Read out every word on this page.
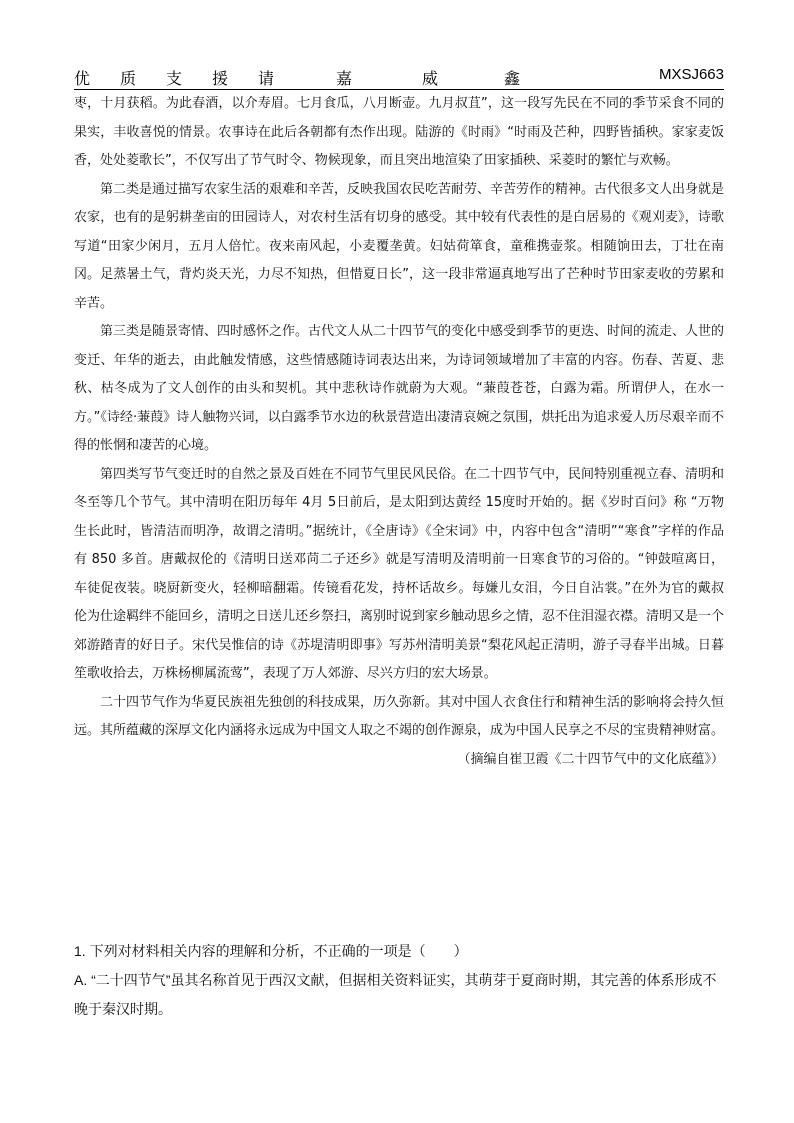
优 质 支 援 请	嘉	威	鑫	MXSJ663

枣，十月获稻。为此春酒，以介寿眉。七月食瓜，八月断壶。九月叔苴”，这一段写先民在不同的季节采食不同的果实，丰收喜悦的情景。农事诗在此后各朝都有杰作出现。陆游的《时雨》“时雨及芒种，四野皆插秧。家家麦饭香，处处菱歌长”，不仅写出了节气时令、物候现象，而且突出地渲染了田家插秧、采菱时的繁忙与欢畅。

第二类是通过描写农家生活的艰难和辛苦，反映我国农民吃苦耐劳、辛苦劳作的精神。古代很多文人出身就是农家，也有的是躬耕垄亩的田园诗人，对农村生活有切身的感受。其中较有代表性的是白居易的《观刈麦》，诗歌写道“田家少闲月，五月人倍忙。夜来南风起，小麦覆垄黄。妇姑荷箪食，童稚携壶浆。相随饷田去，丁壮在南冈。足蒸暑土气，背灼炎天光，力尽不知热，但惜夏日长”，这一段非常逼真地写出了芒种时节田家麦收的劳累和辛苦。

第三类是随景寄情、四时感怀之作。古代文人从二十四节气的变化中感受到季节的更迭、时间的流走、人世的变迁、年华的逝去，由此触发情感，这些情感随诗词表达出来，为诗词领域增加了丰富的内容。伤春、苦夏、悲秋、枯冬成为了文人创作的由头和契机。其中悲秋诗作就蔚为大观。“蒹葭苍苍，白露为霜。所谓伊人，在水一方。”《诗经·蒹葭》诗人触物兴词，以白露季节水边的秋景营造出凄清哀婉之氛围，烘托出为追求爱人历尽艰辛而不得的怅惘和凄苦的心境。

第四类写节气变迁时的自然之景及百姓在不同节气里民风民俗。在二十四节气中，民间特别重视立春、清明和冬至等几个节气。其中清明在阳历每年 4月 5日前后，是太阳到达黄经 15度时开始的。据《岁时百问》称 “万物生长此时，皆清洁而明净，故谓之清明。”据统计，《全唐诗》《全宋词》中，内容中包含“清明”“寒食”字样的作品有 850 多首。唐戴叔伦的《清明日送邓苘二子还乡》就是写清明及清明前一日寒食节的习俗的。“钟鼓喧离日，车徒促夜装。晓厨新变火，轻柳暗翻霜。传镜看花发，持杯话故乡。每嫌儿女泪，今日自沾裳。”在外为官的戴叔伦为仕途羁绊不能回乡，清明之日送儿还乡祭扫，离别时说到家乡触动思乡之情，忍不住泪湿衣襟。清明又是一个郊游踏青的好日子。宋代吴惟信的诗《苏堤清明即事》写苏州清明美景“梨花风起正清明，游子寻春半出城。日暮笙歌收拾去，万株杨柳属流莺”，表现了万人郊游、尽兴方归的宏大场景。

二十四节气作为华夏民族祖先独创的科技成果，历久弥新。其对中国人衣食住行和精神生活的影响将会持久恒远。其所蕴藏的深厚文化内涵将永远成为中国文人取之不竭的创作源泉，成为中国人民享之不尽的宝贵精神财富。

（摘编自崔卫霞《二十四节气中的文化底蕴》）

1. 下列对材料相关内容的理解和分析，不正确的一项是（　　）

A. “二十四节气”虽其名称首见于西汉文献，但据相关资料证实，其萌芽于夏商时期，其完善的体系形成不晚于秦汉时期。
